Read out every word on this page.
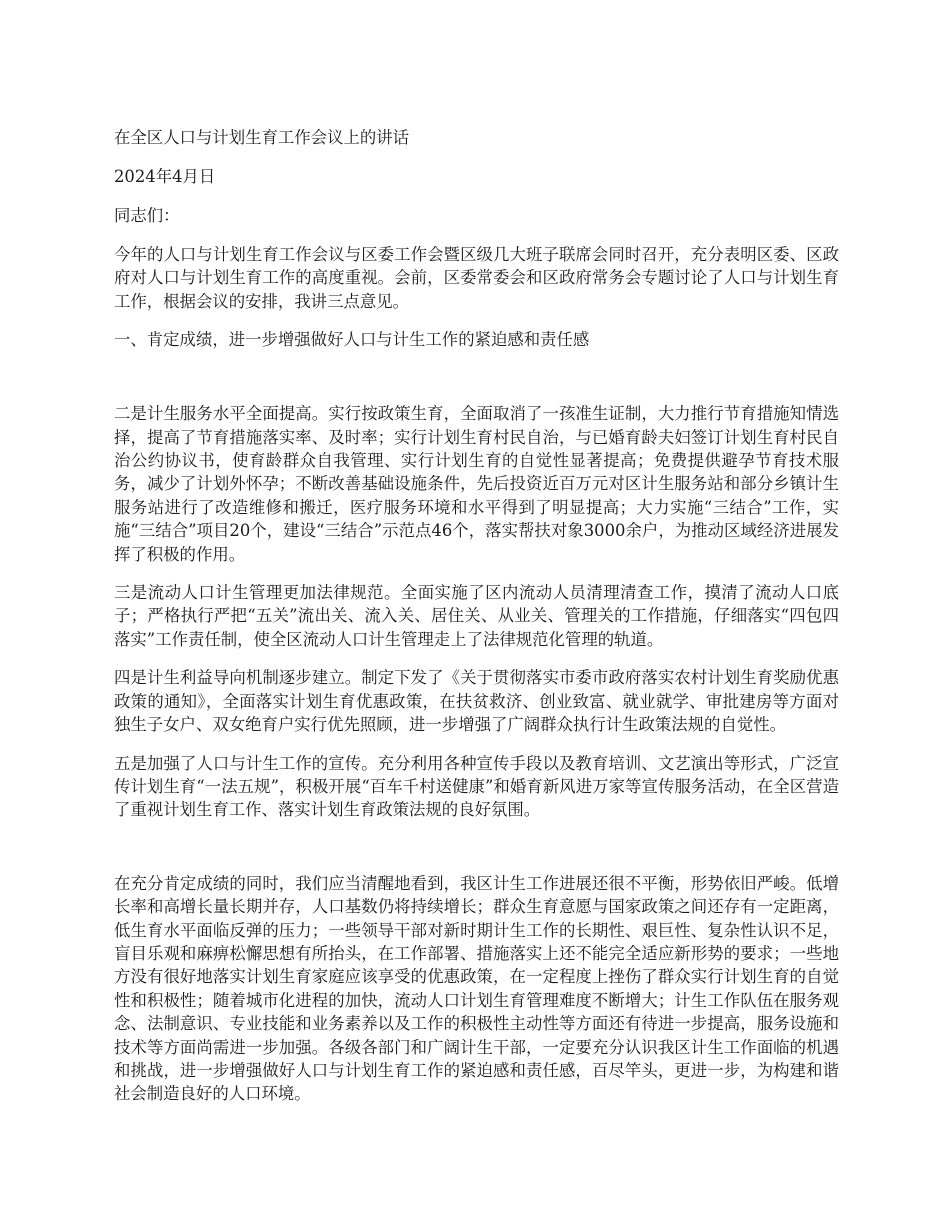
在全区人口与计划生育工作会议上的讲话

2024年4月日

同志们：

今年的人口与计划生育工作会议与区委工作会暨区级几大班子联席会同时召开，充分表明区委、区政府对人口与计划生育工作的高度重视。会前，区委常委会和区政府常务会专题讨论了人口与计划生育工作，根据会议的安排，我讲三点意见。

一、肯定成绩，进一步增强做好人口与计生工作的紧迫感和责任感

二是计生服务水平全面提高。实行按政策生育，全面取消了一孩准生证制，大力推行节育措施知情选择，提高了节育措施落实率、及时率；实行计划生育村民自治，与已婚育龄夫妇签订计划生育村民自治公约协议书，使育龄群众自我管理、实行计划生育的自觉性显著提高；免费提供避孕节育技术服务，减少了计划外怀孕；不断改善基础设施条件，先后投资近百万元对区计生服务站和部分乡镇计生服务站进行了改造维修和搬迁，医疗服务环境和水平得到了明显提高；大力实施“三结合”工作，实施“三结合”项目20个，建设“三结合”示范点46个，落实帮扶对象3000余户，为推动区域经济进展发挥了积极的作用。

三是流动人口计生管理更加法律规范。全面实施了区内流动人员清理清查工作，摸清了流动人口底子；严格执行严把“五关”流出关、流入关、居住关、从业关、管理关的工作措施，仔细落实“四包四落实”工作责任制，使全区流动人口计生管理走上了法律规范化管理的轨道。

四是计生利益导向机制逐步建立。制定下发了《关于贯彻落实市委市政府落实农村计划生育奖励优惠政策的通知》，全面落实计划生育优惠政策，在扶贫救济、创业致富、就业就学、审批建房等方面对独生子女户、双女绝育户实行优先照顾，进一步增强了广阔群众执行计生政策法规的自觉性。

五是加强了人口与计生工作的宣传。充分利用各种宣传手段以及教育培训、文艺演出等形式，广泛宣传计划生育“一法五规”，积极开展“百车千村送健康”和婚育新风进万家等宣传服务活动，在全区营造了重视计划生育工作、落实计划生育政策法规的良好氛围。

在充分肯定成绩的同时，我们应当清醒地看到，我区计生工作进展还很不平衡，形势依旧严峻。低增长率和高增长量长期并存，人口基数仍将持续增长；群众生育意愿与国家政策之间还存有一定距离，低生育水平面临反弹的压力；一些领导干部对新时期计生工作的长期性、艰巨性、复杂性认识不足，盲目乐观和麻痹松懈思想有所抬头，在工作部署、措施落实上还不能完全适应新形势的要求；一些地方没有很好地落实计划生育家庭应该享受的优惠政策，在一定程度上挫伤了群众实行计划生育的自觉性和积极性；随着城市化进程的加快，流动人口计划生育管理难度不断增大；计生工作队伍在服务观念、法制意识、专业技能和业务素养以及工作的积极性主动性等方面还有待进一步提高，服务设施和技术等方面尚需进一步加强。各级各部门和广阔计生干部，一定要充分认识我区计生工作面临的机遇和挑战，进一步增强做好人口与计划生育工作的紧迫感和责任感，百尽竿头，更进一步，为构建和谐社会制造良好的人口环境。
